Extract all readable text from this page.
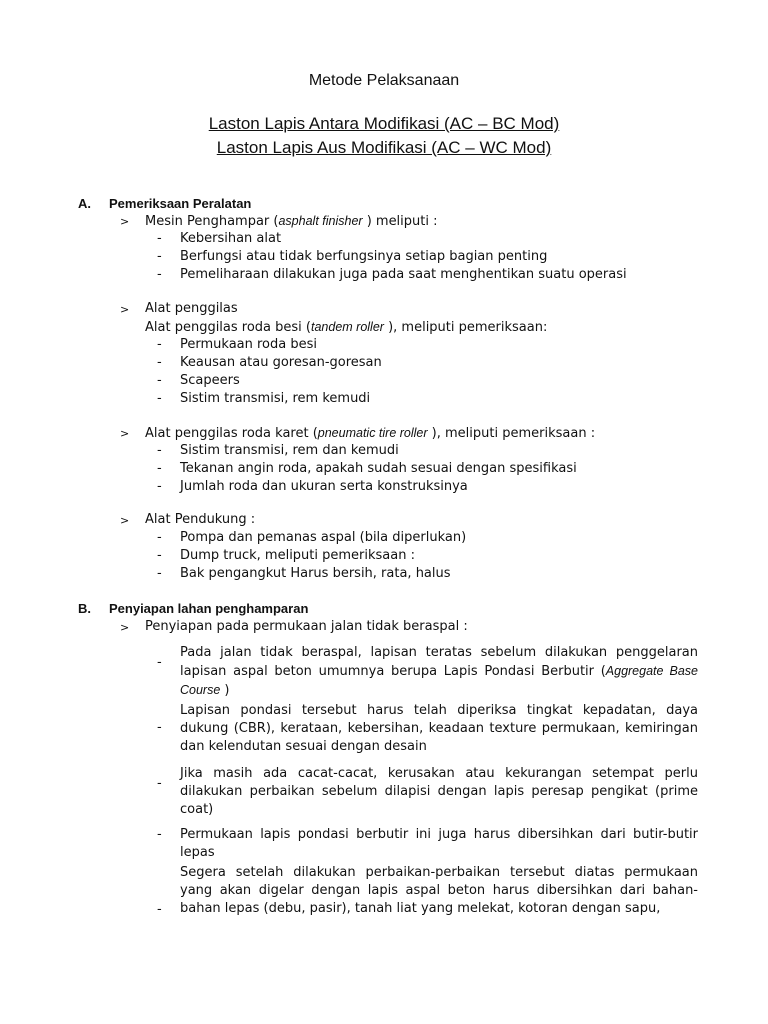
Metode Pelaksanaan
Laston Lapis Antara Modifikasi (AC – BC Mod)
Laston Lapis Aus Modifikasi (AC – WC Mod)
A. Pemeriksaan Peralatan
> Mesin Penghampar (asphalt finisher ) meliputi :
- Kebersihan alat
- Berfungsi atau tidak berfungsinya setiap bagian penting
- Pemeliharaan dilakukan juga pada saat menghentikan suatu operasi
> Alat penggilas
Alat penggilas roda besi (tandem roller ), meliputi pemeriksaan:
- Permukaan roda besi
- Keausan atau goresan-goresan
- Scapeers
- Sistim transmisi, rem kemudi
> Alat penggilas roda karet (pneumatic tire roller ), meliputi pemeriksaan :
- Sistim transmisi, rem dan kemudi
- Tekanan angin roda, apakah sudah sesuai dengan spesifikasi
- Jumlah roda dan ukuran serta konstruksinya
> Alat Pendukung :
- Pompa dan pemanas aspal (bila diperlukan)
- Dump truck, meliputi pemeriksaan :
- Bak pengangkut Harus bersih, rata, halus
B. Penyiapan lahan penghamparan
> Penyiapan pada permukaan jalan tidak beraspal :
-
Pada jalan tidak beraspal, lapisan teratas sebelum dilakukan penggelaran lapisan aspal beton umumnya berupa Lapis Pondasi Berbutir (Aggregate Base Course )
-
Lapisan pondasi tersebut harus telah diperiksa tingkat kepadatan, daya dukung (CBR), kerataan, kebersihan, keadaan texture permukaan, kemiringan dan kelendutan sesuai dengan desain
-
Jika masih ada cacat-cacat, kerusakan atau kekurangan setempat perlu dilakukan perbaikan sebelum dilapisi dengan lapis peresap pengikat (prime coat)
- Permukaan lapis pondasi berbutir ini juga harus dibersihkan dari butir-butir lepas
-
Segera setelah dilakukan perbaikan-perbaikan tersebut diatas permukaan yang akan digelar dengan lapis aspal beton harus dibersihkan dari bahan-bahan lepas (debu, pasir), tanah liat yang melekat, kotoran dengan sapu,
